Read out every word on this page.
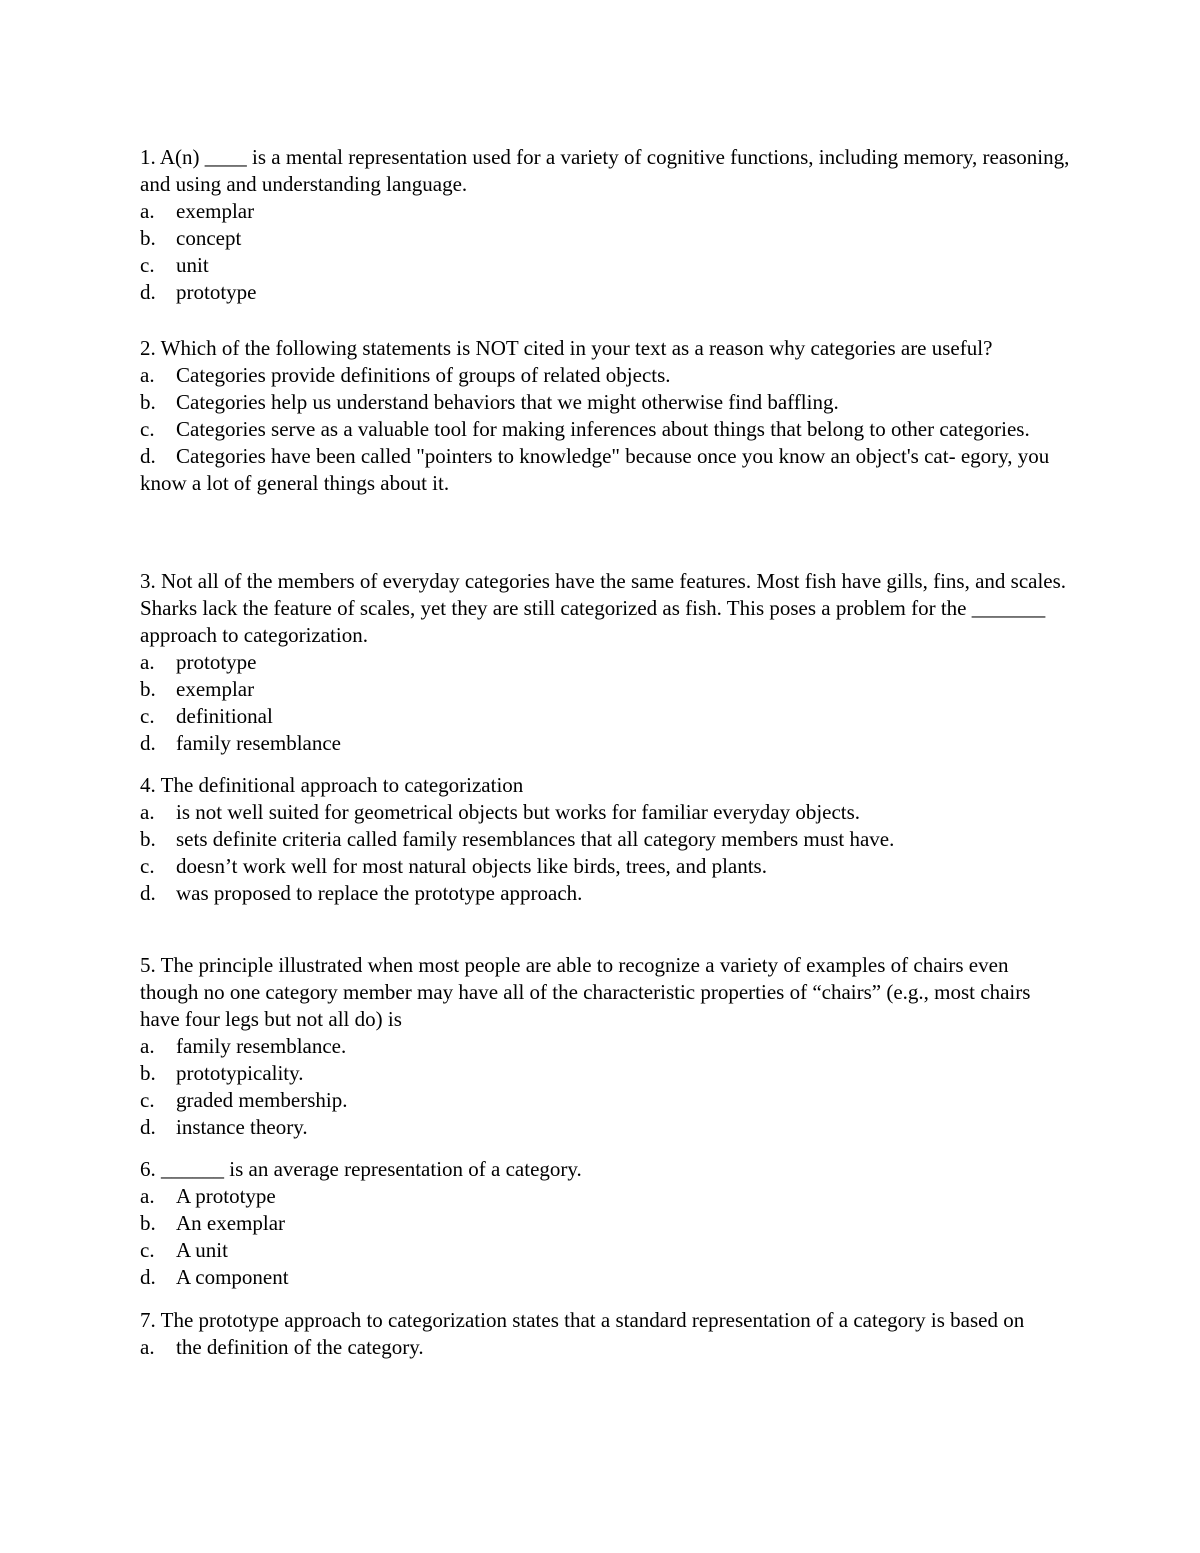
1. A(n) ____ is a mental representation used for a variety of cognitive functions, including memory, reasoning, and using and understanding language.

a.	exemplar
b. concept
c.	unit
d. prototype

2. Which of the following statements is NOT cited in your text as a reason why categories are useful?

a.	Categories provide definitions of groups of related objects.
b. Categories help us understand behaviors that we might otherwise find baffling.
c. Categories serve as a valuable tool for making inferences about things that belong to other categories.
d. Categories have been called "pointers to knowledge" because once you know an object's cat- egory, you know a lot of general things about it.

3. Not all of the members of everyday categories have the same features. Most fish have gills, fins, and scales. Sharks lack the feature of scales, yet they are still categorized as fish. This poses a problem for the _______ approach to categorization.

a.	prototype
b. exemplar
c.	definitional
d. family resemblance

4. The definitional approach to categorization

a.	is not well suited for geometrical objects but works for familiar everyday objects.
b. sets definite criteria called family resemblances that all category members must have.
c.	doesn’t work well for most natural objects like birds, trees, and plants.
d. was proposed to replace the prototype approach.

5. The principle illustrated when most people are able to recognize a variety of examples of chairs even though no one category member may have all of the characteristic properties of “chairs” (e.g., most chairs have four legs but not all do) is

a.	family resemblance.
b. prototypicality.
c.	graded membership.
d. instance theory.

6. ______ is an average representation of a category.

a.	A prototype
b. An exemplar
c.	A unit
d. A component

7. The prototype approach to categorization states that a standard representation of a category is based on

a.	the definition of the category.
